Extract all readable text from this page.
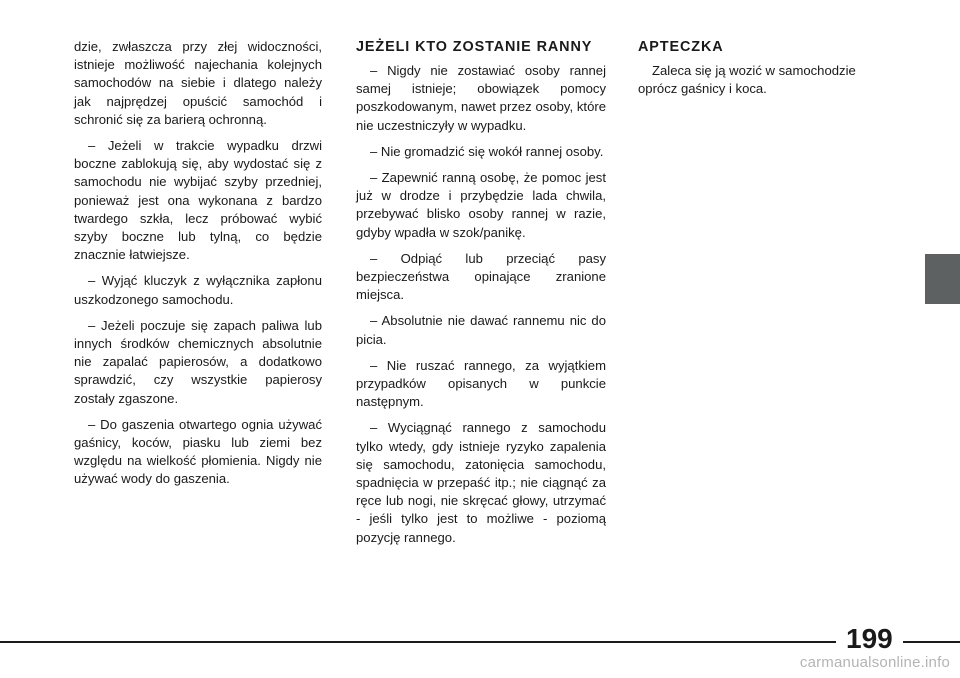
dzie, zwłaszcza przy złej widoczności, istnieje możliwość najechania kolejnych samochodów na siebie i dlatego należy jak najprędzej opuścić samochód i schronić się za barierą ochronną.

– Jeżeli w trakcie wypadku drzwi boczne zablokują się, aby wydostać się z samochodu nie wybijać szyby przedniej, ponieważ jest ona wykonana z bardzo twardego szkła, lecz próbować wybić szyby boczne lub tylną, co będzie znacznie łatwiejsze.

– Wyjąć kluczyk z wyłącznika zapłonu uszkodzonego samochodu.

– Jeżeli poczuje się zapach paliwa lub innych środków chemicznych absolutnie nie zapalać papierosów, a dodatkowo sprawdzić, czy wszystkie papierosy zostały zgaszone.

– Do gaszenia otwartego ognia używać gaśnicy, koców, piasku lub ziemi bez względu na wielkość płomienia. Nigdy nie używać wody do gaszenia.

JEŻELI KTO ZOSTANIE RANNY

– Nigdy nie zostawiać osoby rannej samej istnieje; obowiązek pomocy poszkodowanym, nawet przez osoby, które nie uczestniczyły w wypadku.

– Nie gromadzić się wokół rannej osoby.

– Zapewnić ranną osobę, że pomoc jest już w drodze i przybędzie lada chwila, przebywać blisko osoby rannej w razie, gdyby wpadła w szok/panikę.

– Odpiąć lub przeciąć pasy bezpieczeństwa opinające zranione miejsca.

– Absolutnie nie dawać rannemu nic do picia.

– Nie ruszać rannego, za wyjątkiem przypadków opisanych w punkcie następnym.

– Wyciągnąć rannego z samochodu tylko wtedy, gdy istnieje ryzyko zapalenia się samochodu, zatonięcia samochodu, spadnięcia w przepaść itp.; nie ciągnąć za ręce lub nogi, nie skręcać głowy, utrzymać - jeśli tylko jest to możliwe - poziomą pozycję rannego.

APTECZKA

Zaleca się ją wozić w samochodzie oprócz gaśnicy i koca.

199
carmanualsonline.info
